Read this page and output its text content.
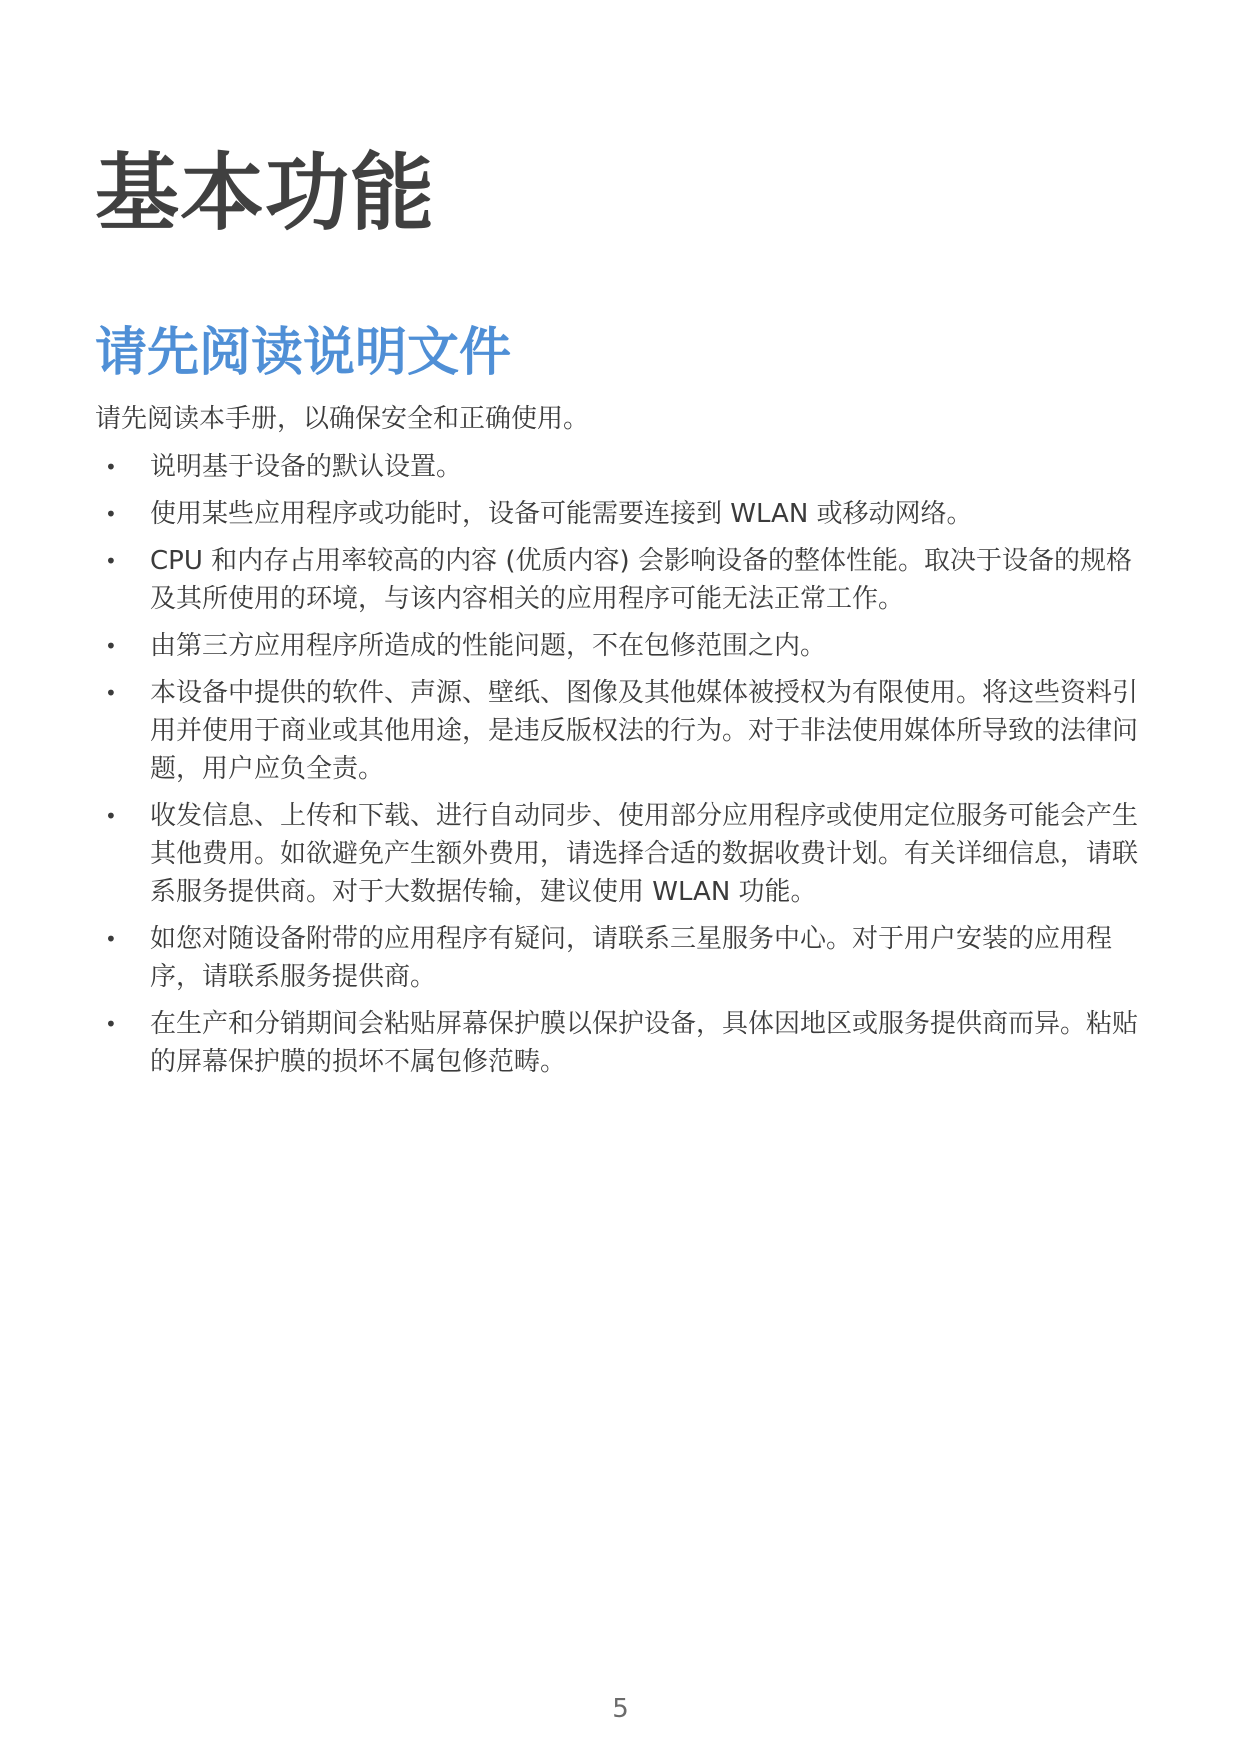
基本功能
请先阅读说明文件

请先阅读本手册，以确保安全和正确使用。

• 说明基于设备的默认设置。
• 使用某些应用程序或功能时，设备可能需要连接到 WLAN 或移动网络。
• CPU 和内存占用率较高的内容 (优质内容) 会影响设备的整体性能。取决于设备的规格及其所使用的环境，与该内容相关的应用程序可能无法正常工作。
• 由第三方应用程序所造成的性能问题，不在包修范围之内。
• 本设备中提供的软件、声源、壁纸、图像及其他媒体被授权为有限使用。将这些资料引用并使用于商业或其他用途，是违反版权法的行为。对于非法使用媒体所导致的法律问题，用户应负全责。
• 收发信息、上传和下载、进行自动同步、使用部分应用程序或使用定位服务可能会产生其他费用。如欲避免产生额外费用，请选择合适的数据收费计划。有关详细信息，请联系服务提供商。对于大数据传输，建议使用 WLAN 功能。
• 如您对随设备附带的应用程序有疑问，请联系三星服务中心。对于用户安装的应用程序，请联系服务提供商。
• 在生产和分销期间会粘贴屏幕保护膜以保护设备，具体因地区或服务提供商而异。粘贴的屏幕保护膜的损坏不属包修范畴。
5
